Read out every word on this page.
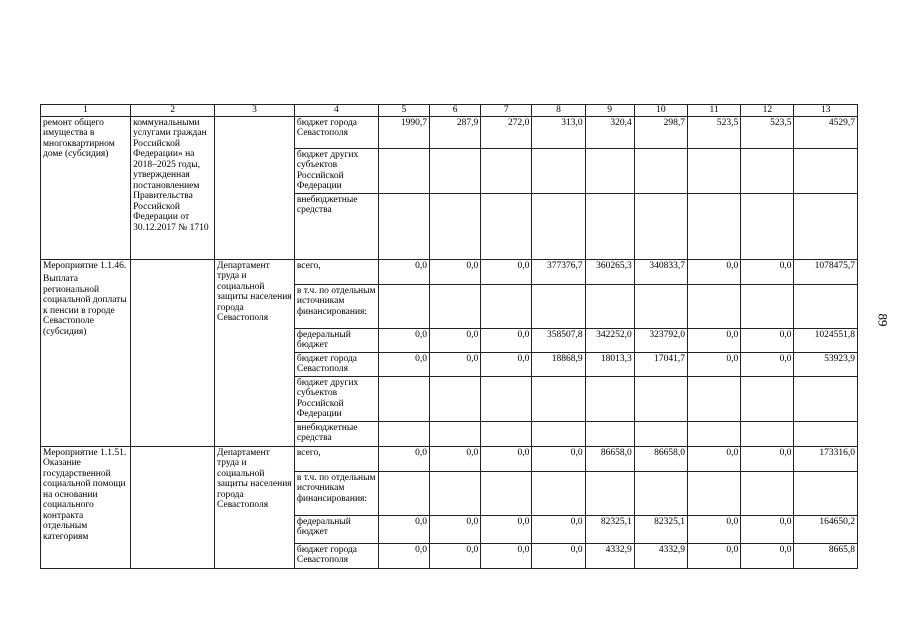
1	2	3	4	5	6	7	8	9	10	11	12	13
ремонт общего имущества в многоквартирном доме (субсидия)	коммунальными услугами граждан Российской Федерации» на 2018–2025 годы, утвержденная постановлением Правительства Российской Федерации от 30.12.2017 № 1710		бюджет города Севастополя	1990,7	287,9	272,0	313,0	320,4	298,7	523,5	523,5	4529,7
			бюджет других субъектов Российской Федерации									
			внебюджетные средства									

Мероприятие 1.1.46.
Выплата региональной социальной доплаты к пенсии в городе Севастополе (субсидия)		Департамент труда и социальной защиты населения города Севастополя	всего,	0,0	0,0	0,0	377376,7	360265,3	340833,7	0,0	0,0	1078475,7
			в т.ч. по отдельным источникам финансирования:									
			федеральный бюджет	0,0	0,0	0,0	358507,8	342252,0	323792,0	0,0	0,0	1024551,8
			бюджет города Севастополя	0,0	0,0	0,0	18868,9	18013,3	17041,7	0,0	0,0	53923,9
			бюджет других субъектов Российской Федерации									
			внебюджетные средства									

Мероприятие 1.1.51.
Оказание государственной социальной помощи на основании социального контракта отдельным категориям		Департамент труда и социальной защиты населения города Севастополя	всего,	0,0	0,0	0,0	0,0	86658,0	86658,0	0,0	0,0	173316,0
			в т.ч. по отдельным источникам финансирования:									
			федеральный бюджет	0,0	0,0	0,0	0,0	82325,1	82325,1	0,0	0,0	164650,2
			бюджет города Севастополя	0,0	0,0	0,0	0,0	4332,9	4332,9	0,0	0,0	8665,8
89
